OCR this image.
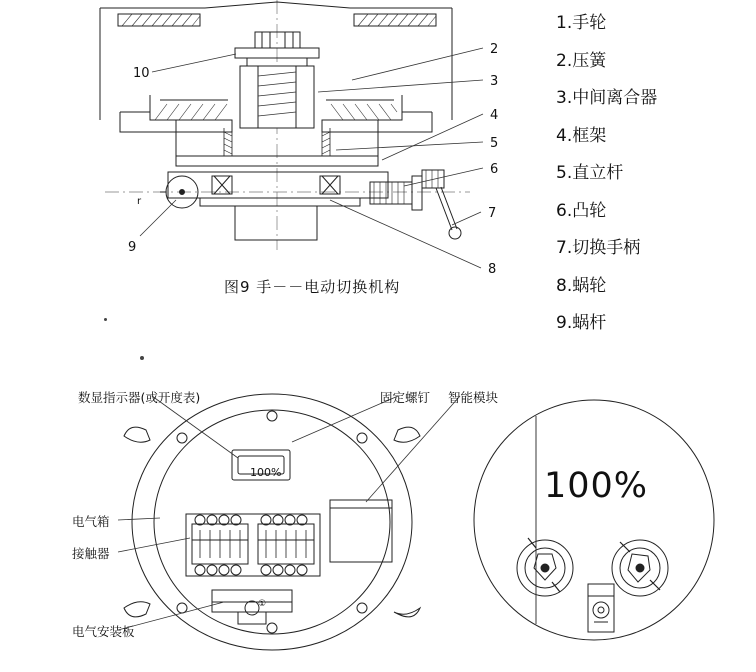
10
9
2
3
4
5
6
7
8
r
1.手轮
2.压簧
3.中间离合器
4.框架
5.直立杆
6.凸轮
7.切换手柄
8.蜗轮
9.蜗杆
图9 手－－电动切换机构
数显指示器(或开度表)	固定螺钉 智能模块
电气箱
接触器
电气安装板
100%	100%
①
